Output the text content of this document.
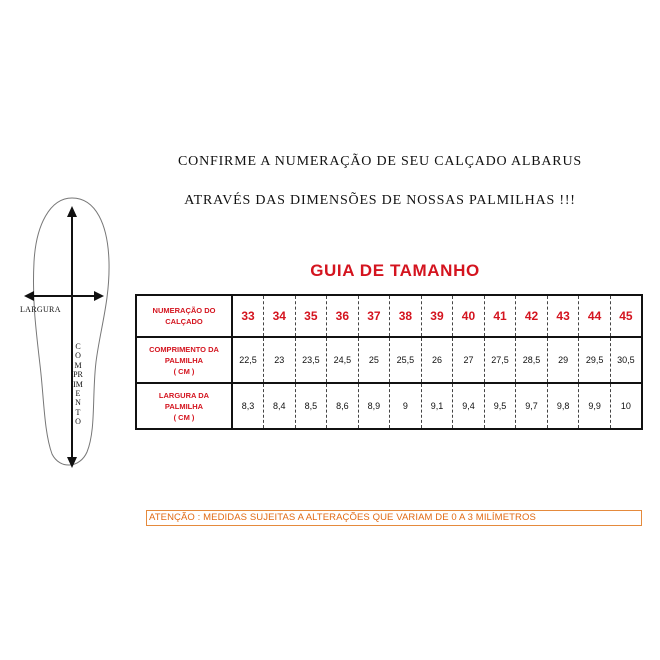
CONFIRME A NUMERAÇÃO DE SEU CALÇADO ALBARUS
ATRAVÉS DAS DIMENSÕES DE NOSSAS PALMILHAS !!!
LARGURA
COMPRIMENTO
GUIA DE TAMANHO
NUMERAÇÃO DO
CALÇADO	33	34	35	36	37	38	39	40	41	42	43	44	45

COMPRIMENTO DA
PALMILHA
( CM )	22,5	23	23,5	24,5	25	25,5	26	27	27,5	28,5	29	29,5	30,5

LARGURA DA
PALMILHA
( CM )	8,3	8,4	8,5	8,6	8,9	9	9,1	9,4	9,5	9,7	9,8	9,9	10
ATENÇÃO : MEDIDAS SUJEITAS A ALTERAÇÕES QUE VARIAM DE 0 A 3 MILÍMETROS
